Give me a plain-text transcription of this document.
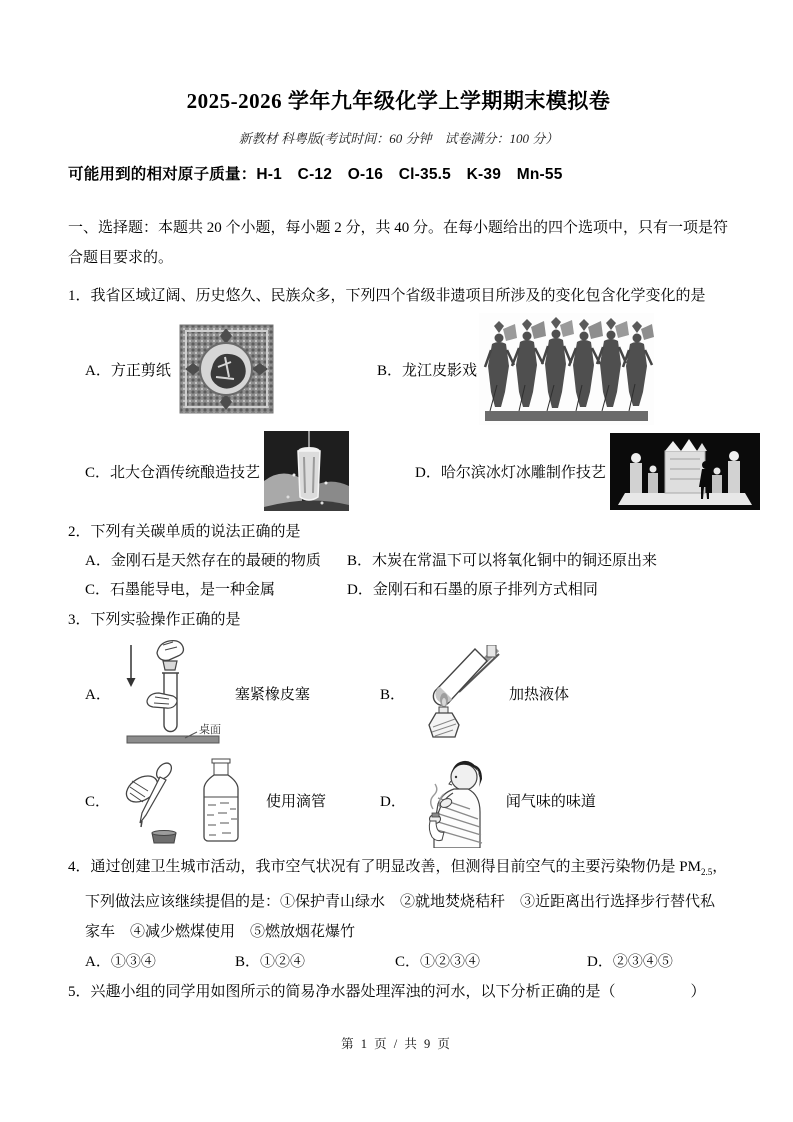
2025-2026 学年九年级化学上学期期末模拟卷
新教材 科粤版(考试时间：60 分钟　试卷满分：100 分）
可能用到的相对原子质量：H-1　C-12　O-16　Cl-35.5　K-39　Mn-55
一、选择题：本题共 20 个小题，每小题 2 分，共 40 分。在每小题给出的四个选项中，只有一项是符合题目要求的。
1．我省区域辽阔、历史悠久、民族众多，下列四个省级非遗项目所涉及的变化包含化学变化的是
A．方正剪纸	B．龙江皮影戏
C．北大仓酒传统酿造技艺	D．哈尔滨冰灯冰雕制作技艺
2．下列有关碳单质的说法正确的是
A．金刚石是天然存在的最硬的物质	B．木炭在常温下可以将氧化铜中的铜还原出来
C．石墨能导电，是一种金属	D．金刚石和石墨的原子排列方式相同
3．下列实验操作正确的是
A．
桌面
塞紧橡皮塞	B．	加热液体
C．	使用滴管	D．	闻气味的味道
4．通过创建卫生城市活动，我市空气状况有了明显改善，但测得目前空气的主要污染物仍是 $PM_{2.5}$，下列做法应该继续提倡的是：①保护青山绿水　②就地焚烧秸秆　③近距离出行选择步行替代私家车　④减少燃煤使用　⑤燃放烟花爆竹
A．①③④	B．①②④	C．①②③④	D．②③④⑤
5．兴趣小组的同学用如图所示的简易净水器处理浑浊的河水，以下分析正确的是（　　　　　）
第 1 页 / 共 9 页
